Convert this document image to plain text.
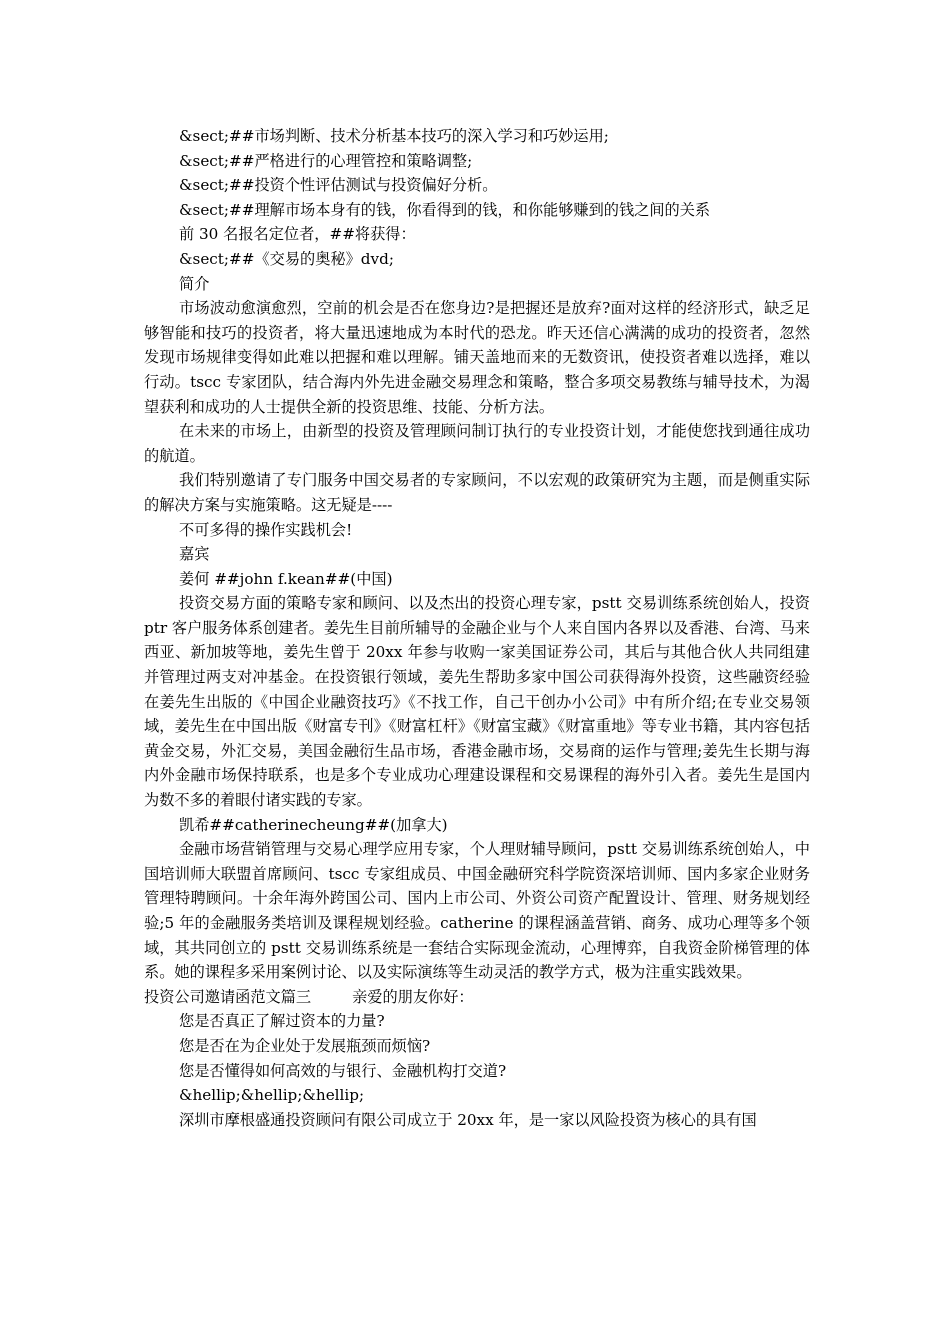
&sect;##市场判断、技术分析基本技巧的深入学习和巧妙运用;

&sect;##严格进行的心理管控和策略调整;

&sect;##投资个性评估测试与投资偏好分析。

&sect;##理解市场本身有的钱，你看得到的钱，和你能够赚到的钱之间的关系

前 30 名报名定位者，##将获得：

&sect;##《交易的奥秘》dvd;

简介

市场波动愈演愈烈，空前的机会是否在您身边?是把握还是放弃?面对这样的经济形式，缺乏足够智能和技巧的投资者，将大量迅速地成为本时代的恐龙。昨天还信心满满的成功的投资者，忽然发现市场规律变得如此难以把握和难以理解。铺天盖地而来的无数资讯，使投资者难以选择，难以行动。tscc 专家团队，结合海内外先进金融交易理念和策略，整合多项交易教练与辅导技术，为渴望获利和成功的人士提供全新的投资思维、技能、分析方法。

在未来的市场上，由新型的投资及管理顾问制订执行的专业投资计划，才能使您找到通往成功的航道。

我们特别邀请了专门服务中国交易者的专家顾问，不以宏观的政策研究为主题，而是侧重实际的解决方案与实施策略。这无疑是----

不可多得的操作实践机会!

嘉宾

姜何 ##john f.kean##(中国)

投资交易方面的策略专家和顾问、以及杰出的投资心理专家，pstt 交易训练系统创始人，投资 ptr 客户服务体系创建者。姜先生目前所辅导的金融企业与个人来自国内各界以及香港、台湾、马来西亚、新加坡等地，姜先生曾于 20xx 年参与收购一家美国证券公司，其后与其他合伙人共同组建并管理过两支对冲基金。在投资银行领域，姜先生帮助多家中国公司获得海外投资，这些融资经验在姜先生出版的《中国企业融资技巧》《不找工作，自己干创办小公司》中有所介绍;在专业交易领域，姜先生在中国出版《财富专刊》《财富杠杆》《财富宝藏》《财富重地》等专业书籍，其内容包括黄金交易，外汇交易，美国金融衍生品市场，香港金融市场，交易商的运作与管理;姜先生长期与海内外金融市场保持联系，也是多个专业成功心理建设课程和交易课程的海外引入者。姜先生是国内为数不多的着眼付诸实践的专家。

凯希##catherinecheung##(加拿大)

金融市场营销管理与交易心理学应用专家，个人理财辅导顾问，pstt 交易训练系统创始人，中国培训师大联盟首席顾问、tscc 专家组成员、中国金融研究科学院资深培训师、国内多家企业财务管理特聘顾问。十余年海外跨国公司、国内上市公司、外资公司资产配置设计、管理、财务规划经验;5 年的金融服务类培训及课程规划经验。catherine 的课程涵盖营销、商务、成功心理等多个领域，其共同创立的 pstt 交易训练系统是一套结合实际现金流动，心理博弈，自我资金阶梯管理的体系。她的课程多采用案例讨论、以及实际演练等生动灵活的教学方式，极为注重实践效果。

投资公司邀请函范文篇三	亲爱的朋友你好：

您是否真正了解过资本的力量?

您是否在为企业处于发展瓶颈而烦恼?

您是否懂得如何高效的与银行、金融机构打交道?

&hellip;&hellip;&hellip;

深圳市摩根盛通投资顾问有限公司成立于 20xx 年，是一家以风险投资为核心的具有国
